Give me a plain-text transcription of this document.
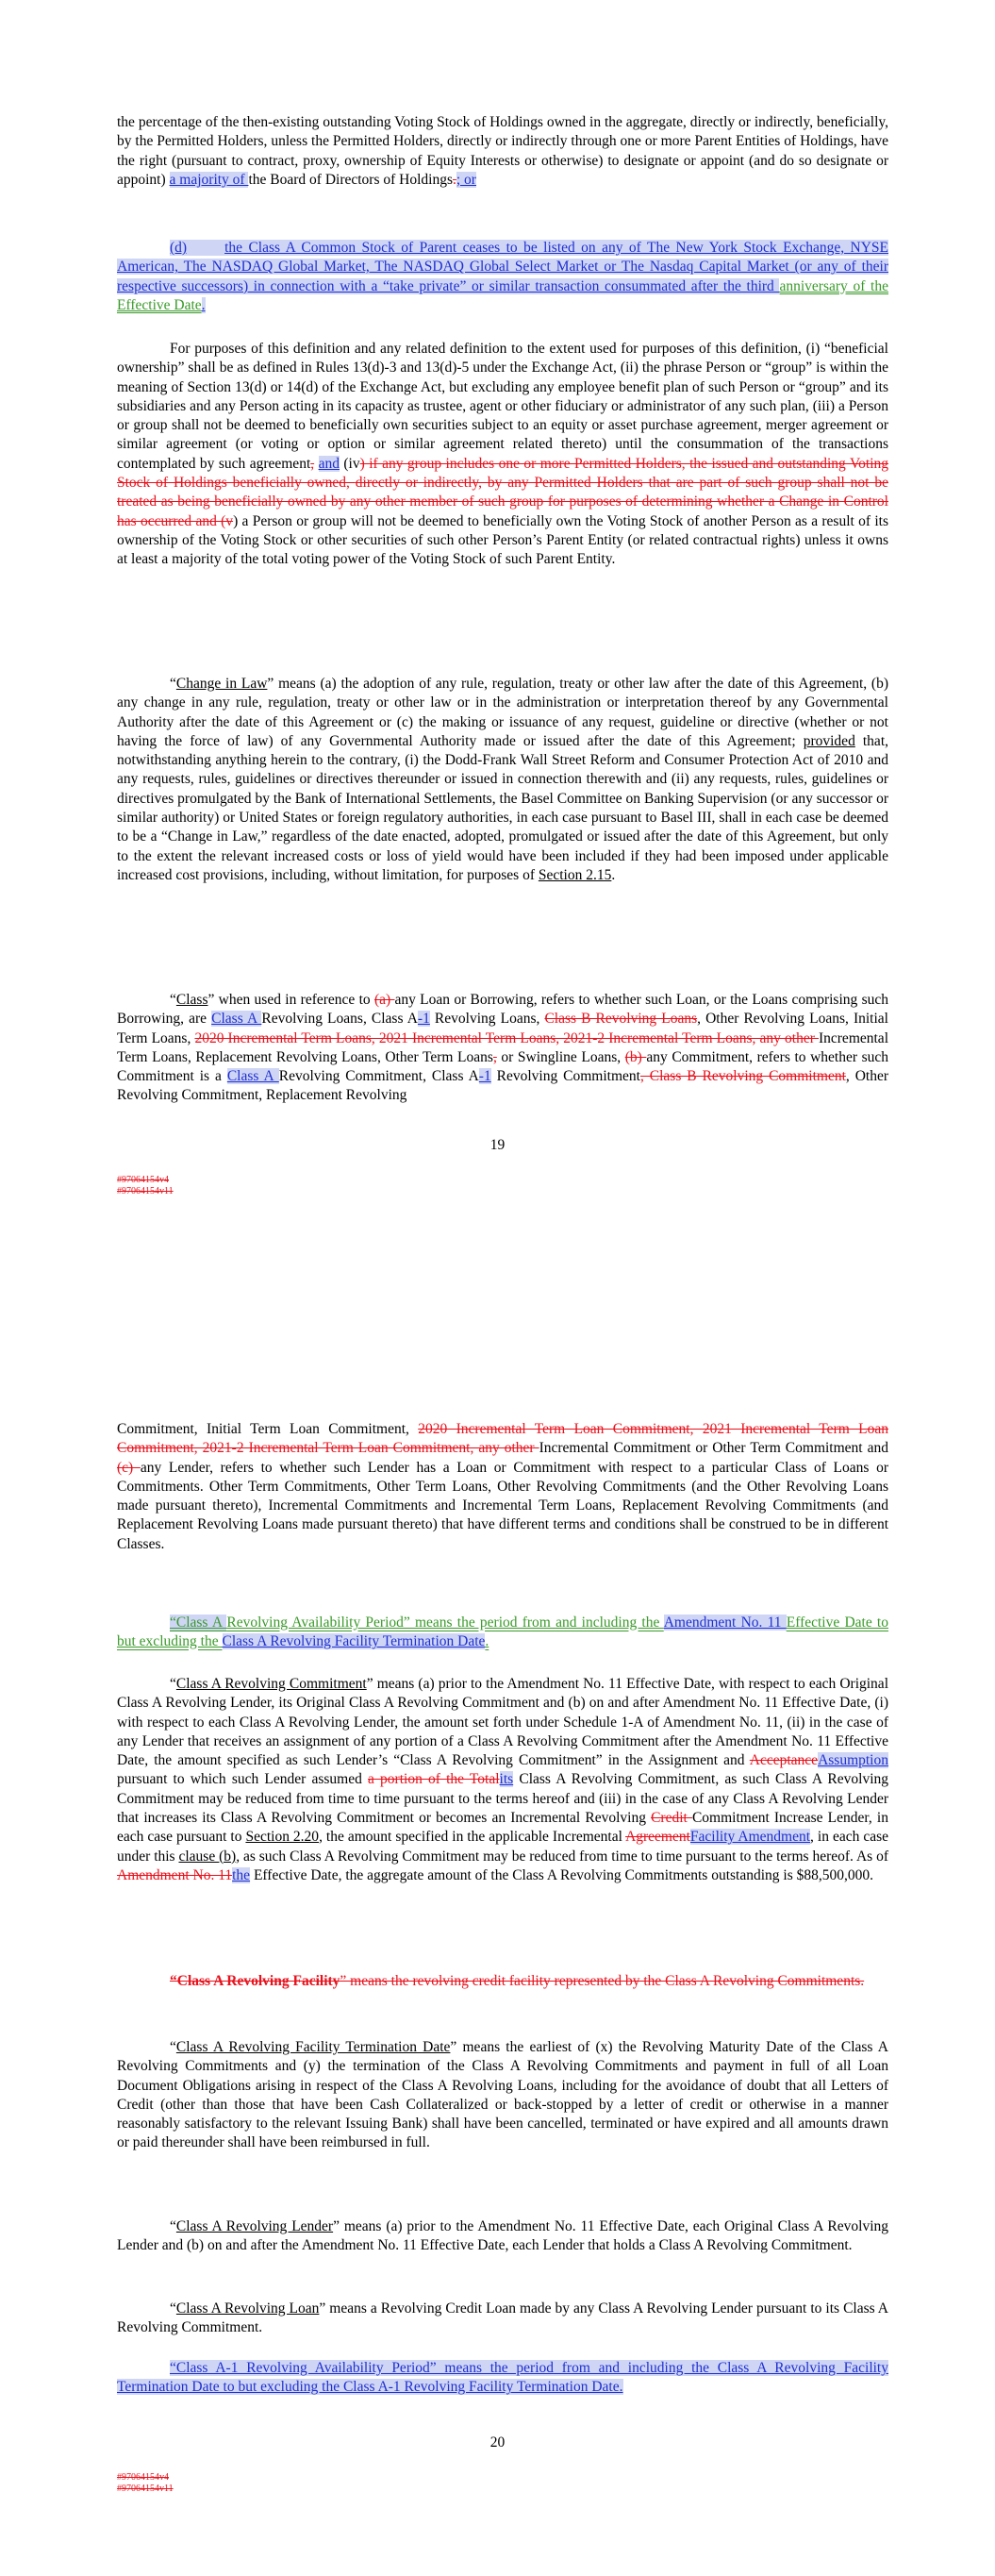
the percentage of the then-existing outstanding Voting Stock of Holdings owned in the aggregate, directly or indirectly, beneficially, by the Permitted Holders, unless the Permitted Holders, directly or indirectly through one or more Parent Entities of Holdings, have the right (pursuant to contract, proxy, ownership of Equity Interests or otherwise) to designate or appoint (and do so designate or appoint) a majority of the Board of Directors of Holdings.; or

(d)	the Class A Common Stock of Parent ceases to be listed on any of The New York Stock Exchange, NYSE American, The NASDAQ Global Market, The NASDAQ Global Select Market or The Nasdaq Capital Market (or any of their respective successors) in connection with a “take private” or similar transaction consummated after the third anniversary of the Effective Date.

For purposes of this definition and any related definition to the extent used for purposes of this definition, (i) “beneficial ownership” shall be as defined in Rules 13(d)-3 and 13(d)-5 under the Exchange Act, (ii) the phrase Person or “group” is within the meaning of Section 13(d) or 14(d) of the Exchange Act, but excluding any employee benefit plan of such Person or “group” and its subsidiaries and any Person acting in its capacity as trustee, agent or other fiduciary or administrator of any such plan, (iii) a Person or group shall not be deemed to beneficially own securities subject to an equity or asset purchase agreement, merger agreement or similar agreement (or voting or option or similar agreement related thereto) until the consummation of the transactions contemplated by such agreement, and (iv) if any group includes one or more Permitted Holders, the issued and outstanding Voting Stock of Holdings beneficially owned, directly or indirectly, by any Permitted Holders that are part of such group shall not be treated as being beneficially owned by any other member of such group for purposes of determining whether a Change in Control has occurred and (v) a Person or group will not be deemed to beneficially own the Voting Stock of another Person as a result of its ownership of the Voting Stock or other securities of such other Person’s Parent Entity (or related contractual rights) unless it owns at least a majority of the total voting power of the Voting Stock of such Parent Entity.

“Change in Law” means (a) the adoption of any rule, regulation, treaty or other law after the date of this Agreement, (b) any change in any rule, regulation, treaty or other law or in the administration or interpretation thereof by any Governmental Authority after the date of this Agreement or (c) the making or issuance of any request, guideline or directive (whether or not having the force of law) of any Governmental Authority made or issued after the date of this Agreement; provided that, notwithstanding anything herein to the contrary, (i) the Dodd-Frank Wall Street Reform and Consumer Protection Act of 2010 and any requests, rules, guidelines or directives thereunder or issued in connection therewith and (ii) any requests, rules, guidelines or directives promulgated by the Bank of International Settlements, the Basel Committee on Banking Supervision (or any successor or similar authority) or United States or foreign regulatory authorities, in each case pursuant to Basel III, shall in each case be deemed to be a “Change in Law,” regardless of the date enacted, adopted, promulgated or issued after the date of this Agreement, but only to the extent the relevant increased costs or loss of yield would have been included if they had been imposed under applicable increased cost provisions, including, without limitation, for purposes of Section 2.15.

“Class” when used in reference to (a) any Loan or Borrowing, refers to whether such Loan, or the Loans comprising such Borrowing, are Class A Revolving Loans, Class A-1 Revolving Loans, Class B Revolving Loans, Other Revolving Loans, Initial Term Loans, 2020 Incremental Term Loans, 2021 Incremental Term Loans, 2021-2 Incremental Term Loans, any other Incremental Term Loans, Replacement Revolving Loans, Other Term Loans, or Swingline Loans, (b) any Commitment, refers to whether such Commitment is a Class A Revolving Commitment, Class A-1 Revolving Commitment, Class B Revolving Commitment, Other Revolving Commitment, Replacement Revolving

19
#97064154v4
#97064154v11

Commitment, Initial Term Loan Commitment, 2020 Incremental Term Loan Commitment, 2021 Incremental Term Loan Commitment, 2021-2 Incremental Term Loan Commitment, any other Incremental Commitment or Other Term Commitment and (c) any Lender, refers to whether such Lender has a Loan or Commitment with respect to a particular Class of Loans or Commitments. Other Term Commitments, Other Term Loans, Other Revolving Commitments (and the Other Revolving Loans made pursuant thereto), Incremental Commitments and Incremental Term Loans, Replacement Revolving Commitments (and Replacement Revolving Loans made pursuant thereto) that have different terms and conditions shall be construed to be in different Classes.

“Class A Revolving Availability Period” means the period from and including the Amendment No. 11 Effective Date to but excluding the Class A Revolving Facility Termination Date.

“Class A Revolving Commitment” means (a) prior to the Amendment No. 11 Effective Date, with respect to each Original Class A Revolving Lender, its Original Class A Revolving Commitment and (b) on and after Amendment No. 11 Effective Date, (i) with respect to each Class A Revolving Lender, the amount set forth under Schedule 1-A of Amendment No. 11, (ii) in the case of any Lender that receives an assignment of any portion of a Class A Revolving Commitment after the Amendment No. 11 Effective Date, the amount specified as such Lender’s “Class A Revolving Commitment” in the Assignment and AcceptanceAssumption pursuant to which such Lender assumed a portion of the Totalits Class A Revolving Commitment, as such Class A Revolving Commitment may be reduced from time to time pursuant to the terms hereof and (iii) in the case of any Class A Revolving Lender that increases its Class A Revolving Commitment or becomes an Incremental Revolving Credit Commitment Increase Lender, in each case pursuant to Section 2.20, the amount specified in the applicable Incremental AgreementFacility Amendment, in each case under this clause (b), as such Class A Revolving Commitment may be reduced from time to time pursuant to the terms hereof. As of Amendment No. 11the Effective Date, the aggregate amount of the Class A Revolving Commitments outstanding is $88,500,000.

“Class A Revolving Facility” means the revolving credit facility represented by the Class A Revolving Commitments.

“Class A Revolving Facility Termination Date” means the earliest of (x) the Revolving Maturity Date of the Class A Revolving Commitments and (y) the termination of the Class A Revolving Commitments and payment in full of all Loan Document Obligations arising in respect of the Class A Revolving Loans, including for the avoidance of doubt that all Letters of Credit (other than those that have been Cash Collateralized or back-stopped by a letter of credit or otherwise in a manner reasonably satisfactory to the relevant Issuing Bank) shall have been cancelled, terminated or have expired and all amounts drawn or paid thereunder shall have been reimbursed in full.

“Class A Revolving Lender” means (a) prior to the Amendment No. 11 Effective Date, each Original Class A Revolving Lender and (b) on and after the Amendment No. 11 Effective Date, each Lender that holds a Class A Revolving Commitment.

“Class A Revolving Loan” means a Revolving Credit Loan made by any Class A Revolving Lender pursuant to its Class A Revolving Commitment.

“Class A-1 Revolving Availability Period” means the period from and including the Class A Revolving Facility Termination Date to but excluding the Class A-1 Revolving Facility Termination Date.

20
#97064154v4
#97064154v11
